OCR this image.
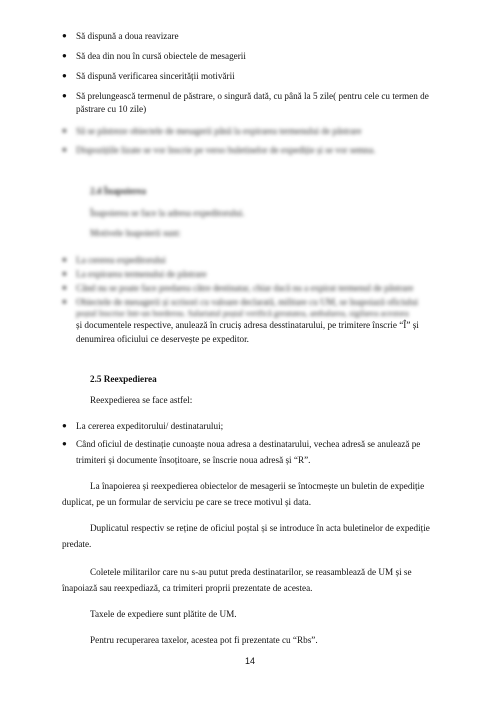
● Să dispună a doua reavizare
● Să dea din nou în cursă obiectele de mesagerii
● Să dispună verificarea sincerității motivării
● Să prelungească termenul de păstrare, o singură dată, cu până la 5 zile( pentru cele cu termen de
păstrare cu 10 zile)
● Să se păstreze obiectele de mesagerii până la expirarea termenului de păstrare
● Dispozițiile lizate se vor înscrie pe verso buletinelor de expediție și se vor semna.
2.4 Înapoierea
Înapoierea se face la adresa expeditorului.
Motivele înapoierii sunt:
● La cererea expeditorului
● La expirarea termenului de păstrare
● Când nu se poate face predarea către destinatar, chiar dacă nu a expirat termenul de păstrare
● Obiectele de mesagerii și scrisori cu valoare declarată, militare cu UM, se înapoiază oficiului
poștal înscrise într-un borderou. Salariatul poștal verifică greutatea, ambalarea, sigilarea acestora
și documentele respective, anulează în cruciș adresa desstinatarului, pe trimitere înscrie “Î” și
denumirea oficiului ce deservește pe expeditor.
2.5 Reexpedierea
Reexpedierea se face astfel:
● La cererea expeditorului/ destinatarului;
● Când oficiul de destinație cunoaște noua adresa a destinatarului, vechea adresă se anulează pe
trimiteri și documente însoțitoare, se înscrie noua adresă și “R”.
La înapoierea și reexpedierea obiectelor de mesagerii se întocmește un buletin de expediție
duplicat, pe un formular de serviciu pe care se trece motivul și data.
Duplicatul respectiv se reține de oficiul poștal și se introduce în acta buletinelor de expediție
predate.
Coletele militarilor care nu s-au putut preda destinatarilor, se reasamblează de UM și se
înapoiază sau reexpediază, ca trimiteri proprii prezentate de acestea.
Taxele de expediere sunt plătite de UM.
Pentru recuperarea taxelor, acestea pot fi prezentate cu “Rbs”.
14
